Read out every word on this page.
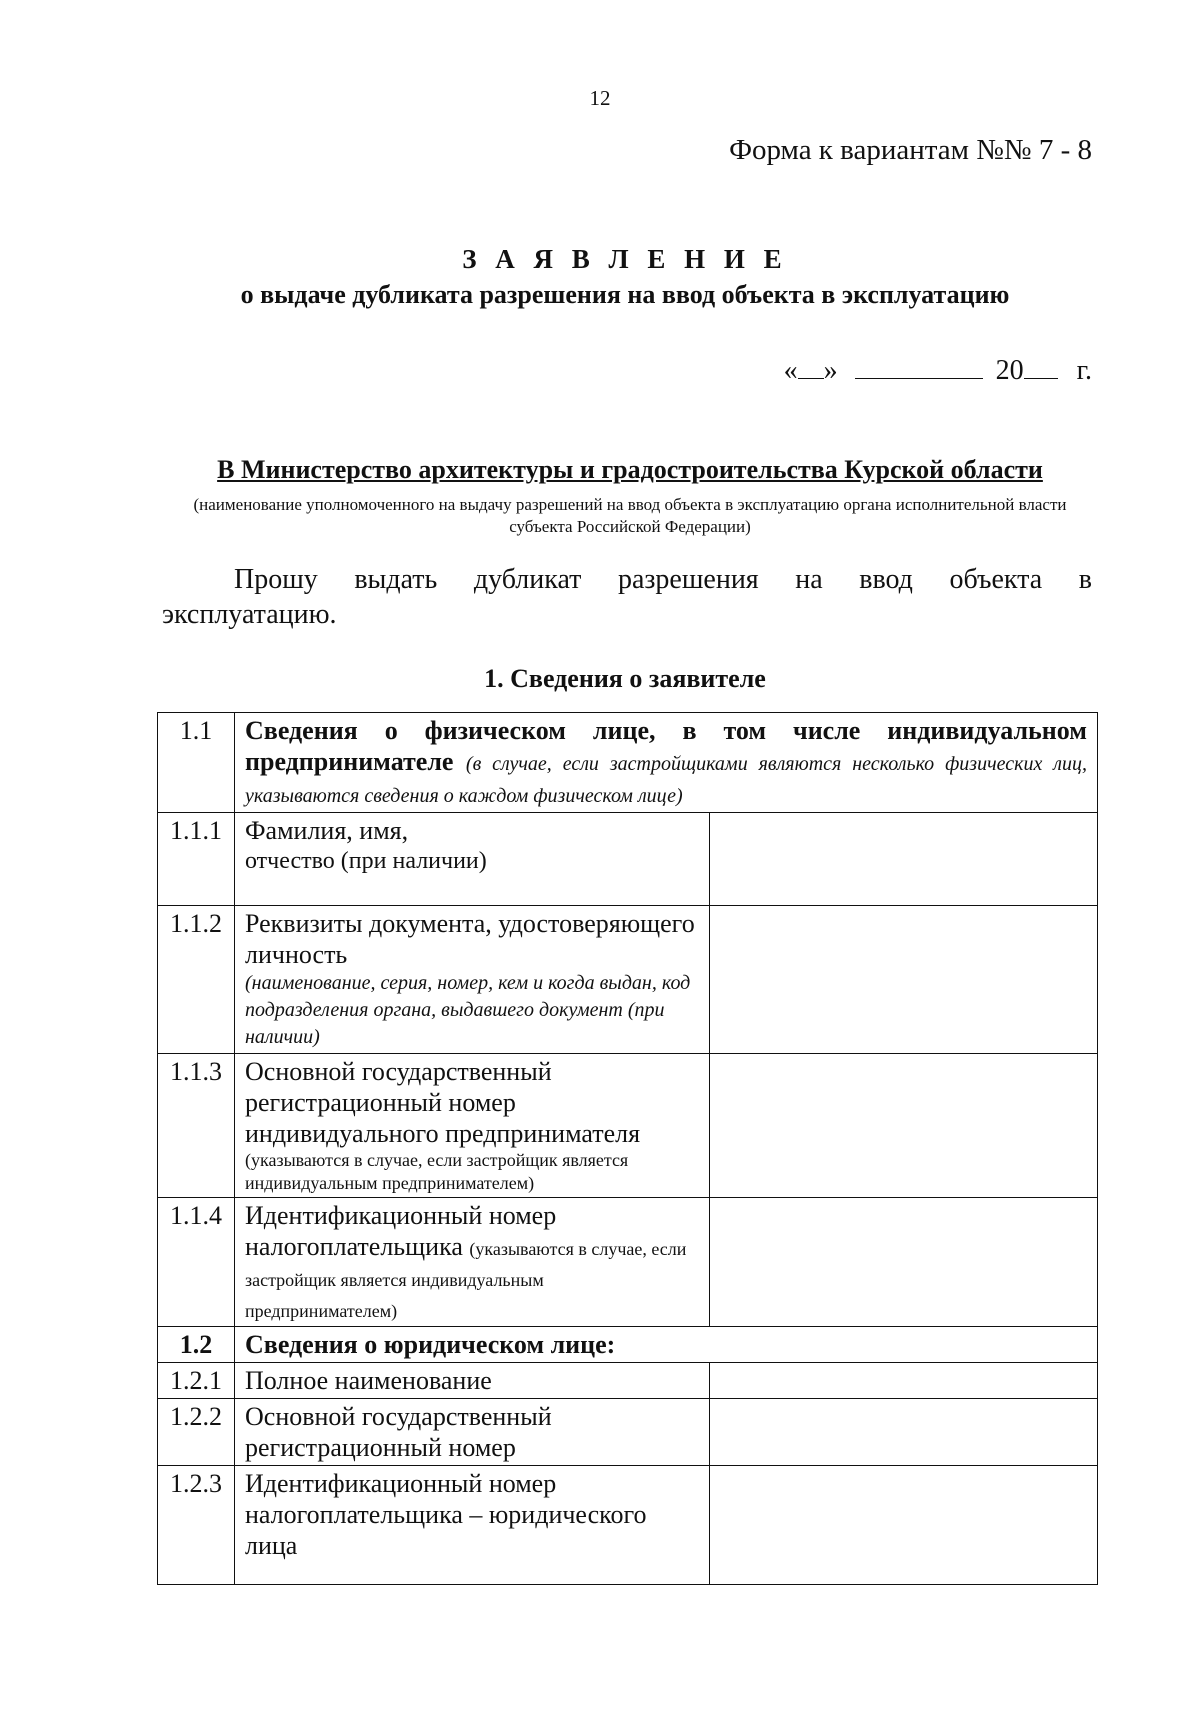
12
Форма к вариантам №№ 7 - 8
З А Я В Л Е Н И Е
о выдаче дубликата разрешения на ввод объекта в эксплуатацию
« »	20 г.
В Министерство архитектуры и градостроительства Курской области
(наименование уполномоченного на выдачу разрешений на ввод объекта в эксплуатацию органа исполнительной власти субъекта Российской Федерации)
Прошу выдать дубликат разрешения на ввод объекта в
эксплуатацию.
1. Сведения о заявителе
1.1	Сведения о физическом лице, в том числе индивидуальном предпринимателе (в случае, если застройщиками являются несколько физических лиц, указываются сведения о каждом физическом лице)	
1.1.1	Фамилия, имя,
отчество (при наличии)	

1.1.2	Реквизиты документа, удостоверяющего личность
(наименование, серия, номер, кем и когда выдан, код подразделения органа, выдавшего документ (при наличии)	

1.1.3	Основной государственный регистрационный номер индивидуального предпринимателя
(указываются в случае, если застройщик является индивидуальным предпринимателем)	

1.1.4	Идентификационный номер налогоплательщика (указываются в случае, если застройщик является индивидуальным предпринимателем)	
1.2	Сведения о юридическом лице:	
1.2.1	Полное наименование	
1.2.2	Основной государственный регистрационный номер	
1.2.3	Идентификационный номер налогоплательщика – юридического лица	
